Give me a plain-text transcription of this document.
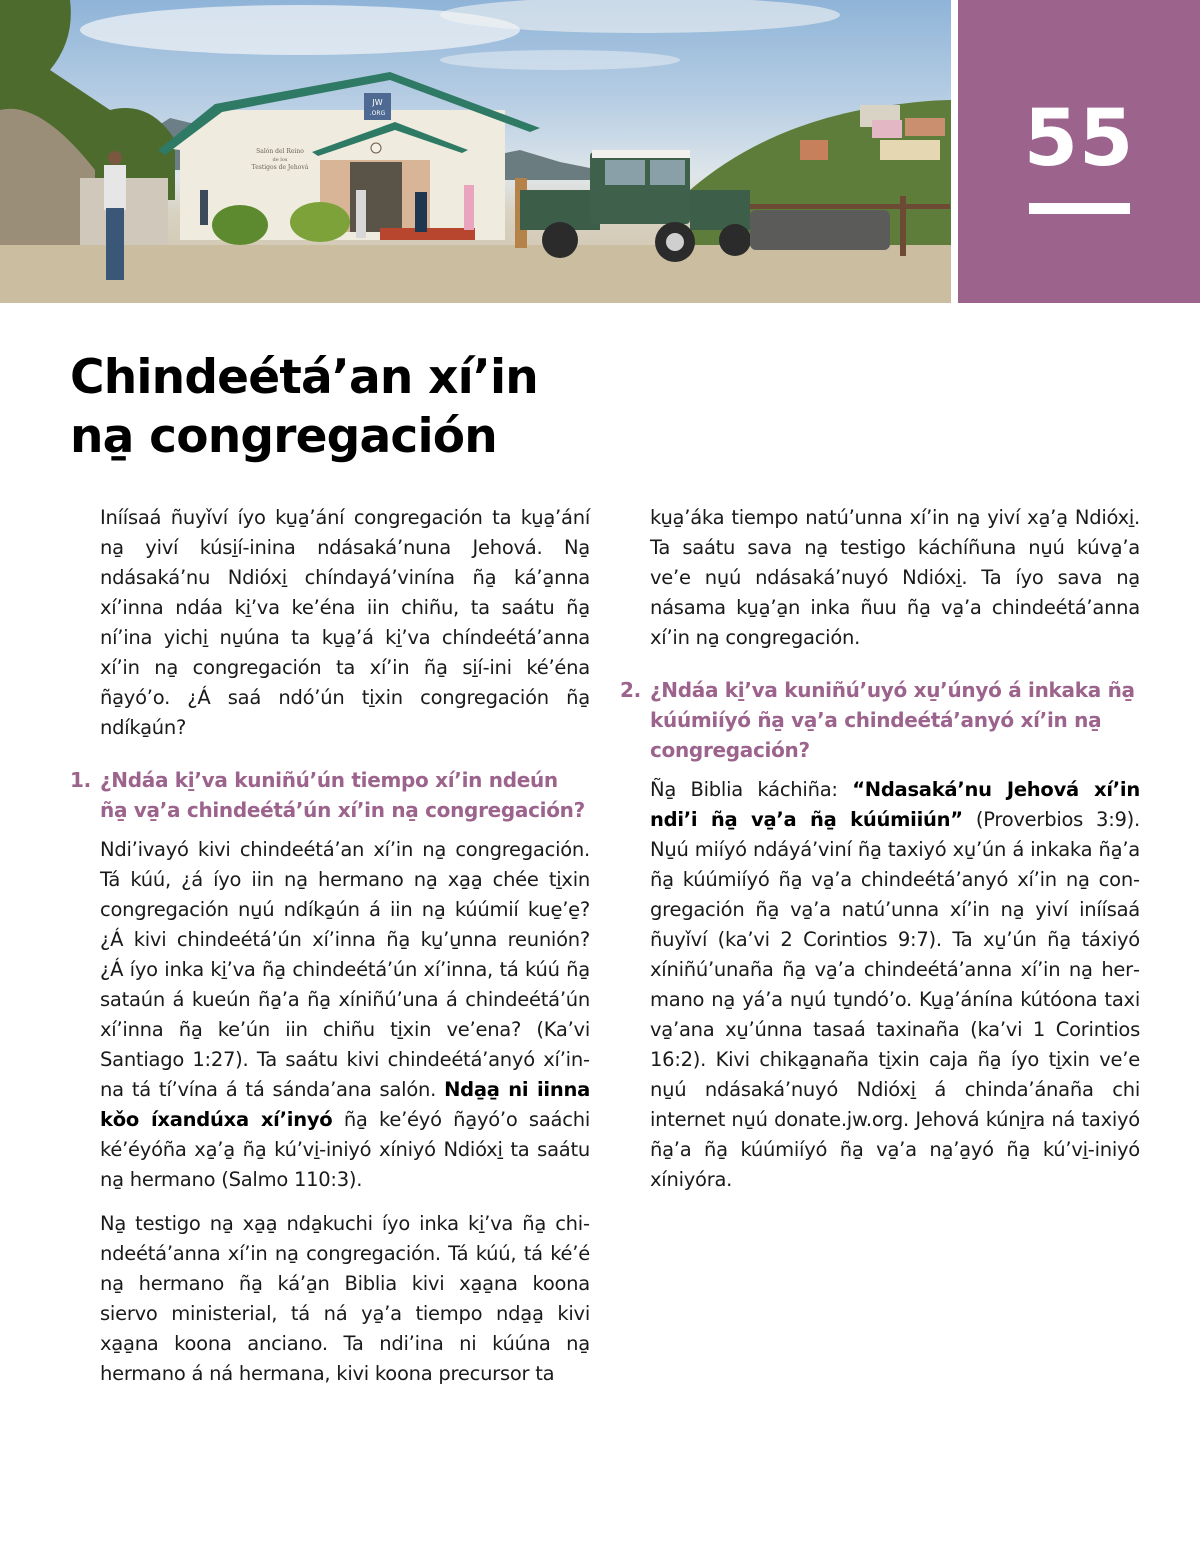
JW
.ORG
Salón del Reino
de los
Testigos de Jehová	55
Chindeétá’an xí’in
na̱ congregación

Iníísaá ñuyǐví íyo ku̱a̱’ání congregación ta ku̱a̱’ání na̱ yiví kúsi̱í-inina ndásaká’nuna Jehová. Na̱ ndásaká’nu Ndióxi̱ chíndayá’vinína ña̱ ká’a̱nna xí’inna ndáa ki̱’va ke’éna iin chiñu, ta saátu ña̱ ní’ina yichi̱ nu̱úna ta ku̱a̱’á ki̱’va chíndeétá’anna xí’in na̱ congregación ta xí’in ña̱ si̱í-ini ké’éna ña̱yó’o. ¿Á saá ndó’ún ti̱xin congregación ña̱ ndíka̱ún?

1. ¿Ndáa ki̱’va kuniñú’ún tiempo xí’in ndeún ña̱ va̱’a chindeétá’ún xí’in na̱ congregación?

Ndi’ivayó kivi chindeétá’an xí’in na̱ congregación. Tá kúú, ¿á íyo iin na̱ hermano na̱ xa̱a̱ chée ti̱xin congregación nu̱ú ndíka̱ún á iin na̱ kúúmií kue̱’e̱? ¿Á kivi chindeétá’ún xí’inna ña̱ ku̱’u̱nna reunión? ¿Á íyo inka ki̱’va ña̱ chindeétá’ún xí’inna, tá kúú ña̱ sataún á kueún ña̱’a ña̱ xíniñú’una á chindeétá’ún xí’inna ña̱ ke’ún iin chiñu ti̱xin ve’ena? (Ka’vi Santiago 1:27). Ta saátu kivi chindeétá’anyó xí’inna tá tí’vína á tá sánda’ana salón. Nda̱a̱ ni iinna kǒo íxandúxa xí’inyó ña̱ ke’éyó ña̱yó’o saáchi ké’éyóña xa̱’a̱ ña̱ kú’vi̱-iniyó xíniyó Ndióxi̱ ta saátu na̱ hermano (Salmo 110:3).

Na̱ testigo na̱ xa̱a̱ nda̱kuchi íyo inka ki̱’va ña̱ chindeétá’anna xí’in na̱ congregación. Tá kúú, tá ké’é na̱ hermano ña̱ ká’a̱n Biblia kivi xa̱a̱na koona siervo ministerial, tá ná ya̱’a tiempo nda̱a̱ kivi xa̱a̱na koona anciano. Ta ndi’ina ni kúúna na̱ hermano á ná hermana, kivi koona precursor ta

ku̱a̱’áka tiempo natú’unna xí’in na̱ yiví xa̱’a̱ Ndióxi̱. Ta saátu sava na̱ testigo káchíñuna nu̱ú kúva̱’a ve’e nu̱ú ndásaká’nuyó Ndióxi̱. Ta íyo sava na̱ násama ku̱a̱’a̱n inka ñuu ña̱ va̱’a chindeétá’anna xí’in na̱ congregación.

2. ¿Ndáa ki̱’va kuniñú’uyó xu̱’únyó á inkaka ña̱ kúúmiíyó ña̱ va̱’a chindeétá’anyó xí’in na̱ congregación?

Ña̱ Biblia káchiña: “Ndasaká’nu Jehová xí’in ndi’i ña̱ va̱’a ña̱ kúúmiiún” (Proverbios 3:9). Nu̱ú miíyó ndáyá’viní ña̱ taxiyó xu̱’ún á inkaka ña̱’a ña̱ kúúmiíyó ña̱ va̱’a chindeétá’anyó xí’in na̱ congregación ña̱ va̱’a natú’unna xí’in na̱ yiví iníísaá ñuyǐví (ka’vi 2 Corintios 9:7). Ta xu̱’ún ña̱ táxiyó xíniñú’unaña ña̱ va̱’a chindeétá’anna xí’in na̱ hermano na̱ yá’a nu̱ú tu̱ndó’o. Ku̱a̱’ánína kútóona taxi va̱’ana xu̱’únna tasaá taxinaña (ka’vi 1 Corintios 16:2). Kivi chika̱a̱naña ti̱xin caja ña̱ íyo ti̱xin ve’e nu̱ú ndásaká’nuyó Ndióxi̱ á chinda’ánaña chi internet nu̱ú donate.jw.org. Jehová kúni̱ra ná taxiyó ña̱’a ña̱ kúúmiíyó ña̱ va̱’a na̱’a̱yó ña̱ kú’vi̱-iniyó xíniyóra.
